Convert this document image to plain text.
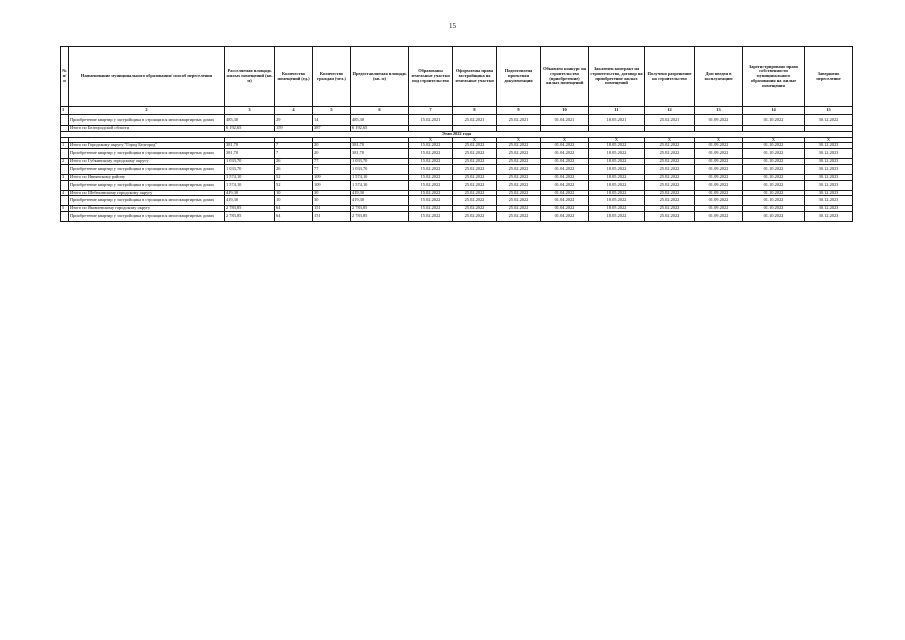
15
№ п/п	Наименование муниципального образования/ способ переселения	Расселяемая площадь жилых помещений (кв. м)	Количество помещений (ед.)	Количество граждан (чел.)	Предоставляемая площадь (кв. м)	Образованы земельные участки под строительство	Оформлены права застройщика на земельные участки	Подготовлена проектная документация	Объявлен конкурс на строительство (приобретение) жилых помещений	Заключен контракт на строительство, договор на приобретение жилых помещений	Получено разрешение на строительство	Дом введен в эксплуатацию	Зарегистрировано право собственности муниципального образования на жилые помещения	Завершено переселение
1	2	3	4	5	6	7	8	9	10	11	12	13	14	15
	Приобретение квартир у застройщика в строящихся многоквартирных домах	485,30	29	14	485,30	15.02.2021	25.02.2021	25.02.2021	01.04.2021	18.05.2021	25.02.2021	01.09.2022	01.10.2022	30.12.2022
	Итого по Белгородской области	6 192,65	159	387	6 192,65									
Этап 2022 года														
						Х	Х	Х	Х	Х	Х	Х	Х	Х
1	Итого по Городскому округу "Город Белгород"	381,70	7	20	381,70	15.02.2022	25.02.2022	25.02.2022	01.04.2022	18.05.2022	25.02.2022	01.09.2022	01.10.2022	30.12.2023
	Приобретение квартир у застройщика в строящихся многоквартирных домах	381,70	7	20	381,70	15.02.2022	25.02.2022	25.02.2022	01.04.2022	18.05.2022	25.02.2022	01.09.2022	01.10.2022	30.12.2023
2	Итого по Губкинскому городскому округу	1 033,70	26	77	1 033,70	15.02.2022	25.02.2022	25.02.2022	01.04.2022	18.05.2022	25.02.2022	01.09.2022	01.10.2022	30.12.2023
	Приобретение квартир у застройщика в строящихся многоквартирных домах	1 033,70	26	77	1 033,70	15.02.2022	25.02.2022	25.02.2022	01.04.2022	18.05.2022	25.02.2022	01.09.2022	01.10.2022	30.12.2023
3	Итого по Ивнянскому району	1 574,10	52	109	1 574,10	15.02.2022	25.02.2022	25.02.2022	01.04.2022	18.05.2022	25.02.2022	01.09.2022	01.10.2022	30.12.2023
	Приобретение квартир у застройщика в строящихся многоквартирных домах	1 574,10	52	109	1 574,10	15.02.2022	25.02.2022	25.02.2022	01.04.2022	18.05.2022	25.02.2022	01.09.2022	01.10.2022	30.12.2023
4	Итого по Шебекинскому городскому округу	419,30	10	30	419,30	15.02.2022	25.02.2022	25.02.2022	01.04.2022	18.05.2022	25.02.2022	01.09.2022	01.10.2022	30.12.2023
	Приобретение квартир у застройщика в строящихся многоквартирных домах	419,30	10	30	419,30	15.02.2022	25.02.2022	25.02.2022	01.04.2022	18.05.2022	25.02.2022	01.09.2022	01.10.2022	30.12.2023
5	Итого по Яковлевскому городскому округу	2 783,85	64	151	2 783,85	15.02.2022	25.02.2022	25.02.2022	01.04.2022	18.05.2022	25.02.2022	01.09.2022	01.10.2022	30.12.2023
	Приобретение квартир у застройщика в строящихся многоквартирных домах	2 783,85	64	151	2 783,85	15.02.2022	25.02.2022	25.02.2022	01.04.2022	18.05.2022	25.02.2022	01.09.2022	01.10.2022	30.12.2023
